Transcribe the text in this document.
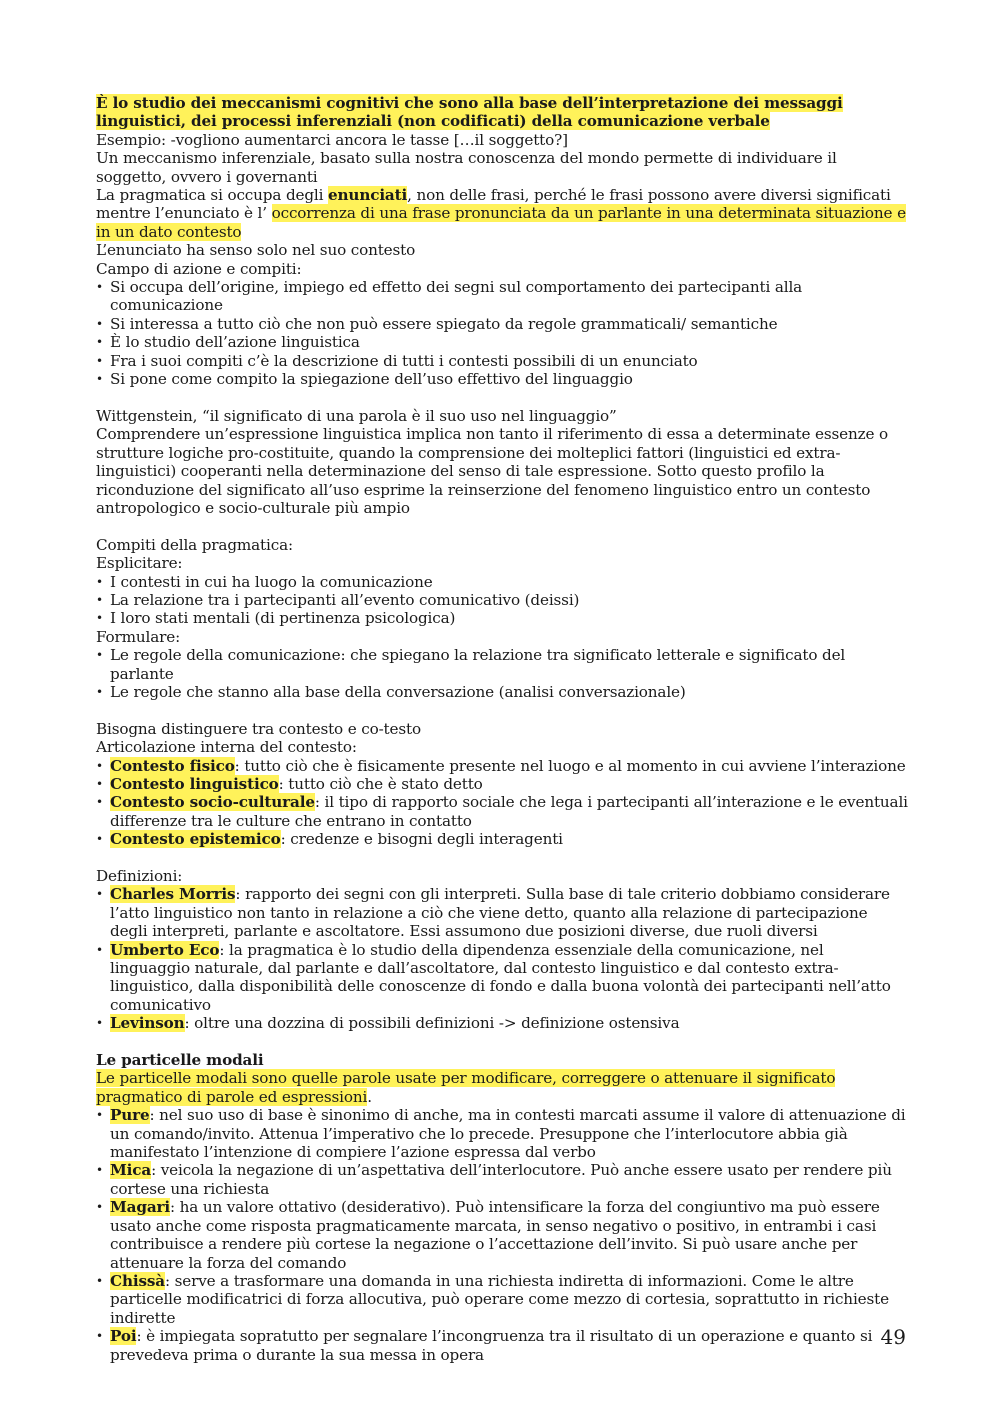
È lo studio dei meccanismi cognitivi che sono alla base dell’interpretazione dei messaggi linguistici, dei processi inferenziali (non codificati) della comunicazione verbale

Esempio: -vogliono aumentarci ancora le tasse […il soggetto?]

Un meccanismo inferenziale, basato sulla nostra conoscenza del mondo permette di individuare il soggetto, ovvero i governanti

La pragmatica si occupa degli enunciati, non delle frasi, perché le frasi possono avere diversi significati mentre l’enunciato è l’ occorrenza di una frase pronunciata da un parlante in una determinata situazione e in un dato contesto

L’enunciato ha senso solo nel suo contesto

Campo di azione e compiti:

• Si occupa dell’origine, impiego ed effetto dei segni sul comportamento dei partecipanti alla comunicazione
• Si interessa a tutto ciò che non può essere spiegato da regole grammaticali/ semantiche
• È lo studio dell’azione linguistica
• Fra i suoi compiti c’è la descrizione di tutti i contesti possibili di un enunciato
• Si pone come compito la spiegazione dell’uso effettivo del linguaggio

Wittgenstein, “il significato di una parola è il suo uso nel linguaggio”

Comprendere un’espressione linguistica implica non tanto il riferimento di essa a determinate essenze o strutture logiche pro-costituite, quando la comprensione dei molteplici fattori (linguistici ed extra-linguistici) cooperanti nella determinazione del senso di tale espressione. Sotto questo profilo la riconduzione del significato all’uso esprime la reinserzione del fenomeno linguistico entro un contesto antropologico e socio-culturale più ampio

Compiti della pragmatica:

Esplicitare:

• I contesti in cui ha luogo la comunicazione
• La relazione tra i partecipanti all’evento comunicativo (deissi)
• I loro stati mentali (di pertinenza psicologica)

Formulare:

• Le regole della comunicazione: che spiegano la relazione tra significato letterale e significato del parlante
• Le regole che stanno alla base della conversazione (analisi conversazionale)

Bisogna distinguere tra contesto e co-testo

Articolazione interna del contesto:

• Contesto fisico: tutto ciò che è fisicamente presente nel luogo e al momento in cui avviene l’interazione
• Contesto linguistico: tutto ciò che è stato detto
• Contesto socio-culturale: il tipo di rapporto sociale che lega i partecipanti all’interazione e le eventuali differenze tra le culture che entrano in contatto
• Contesto epistemico: credenze e bisogni degli interagenti

Definizioni:

• Charles Morris: rapporto dei segni con gli interpreti. Sulla base di tale criterio dobbiamo considerare l’atto linguistico non tanto in relazione a ciò che viene detto, quanto alla relazione di partecipazione degli interpreti, parlante e ascoltatore. Essi assumono due posizioni diverse, due ruoli diversi
• Umberto Eco: la pragmatica è lo studio della dipendenza essenziale della comunicazione, nel linguaggio naturale, dal parlante e dall’ascoltatore, dal contesto linguistico e dal contesto extra-linguistico, dalla disponibilità delle conoscenze di fondo e dalla buona volontà dei partecipanti nell’atto comunicativo
• Levinson: oltre una dozzina di possibili definizioni -> definizione ostensiva

Le particelle modali

Le particelle modali sono quelle parole usate per modificare, correggere o attenuare il significato pragmatico di parole ed espressioni.

• Pure: nel suo uso di base è sinonimo di anche, ma in contesti marcati assume il valore di attenuazione di un comando/invito. Attenua l’imperativo che lo precede. Presuppone che l’interlocutore abbia già manifestato l’intenzione di compiere l’azione espressa dal verbo
• Mica: veicola la negazione di un’aspettativa dell’interlocutore. Può anche essere usato per rendere più cortese una richiesta
• Magari: ha un valore ottativo (desiderativo). Può intensificare la forza del congiuntivo ma può essere usato anche come risposta pragmaticamente marcata, in senso negativo o positivo, in entrambi i casi contribuisce a rendere più cortese la negazione o l’accettazione dell’invito. Si può usare anche per attenuare la forza del comando
• Chissà: serve a trasformare una domanda in una richiesta indiretta di informazioni. Come le altre particelle modificatrici di forza allocutiva, può operare come mezzo di cortesia, soprattutto in richieste indirette
• Poi: è impiegata sopratutto per segnalare l’incongruenza tra il risultato di un operazione e quanto si prevedeva prima o durante la sua messa in opera
49
